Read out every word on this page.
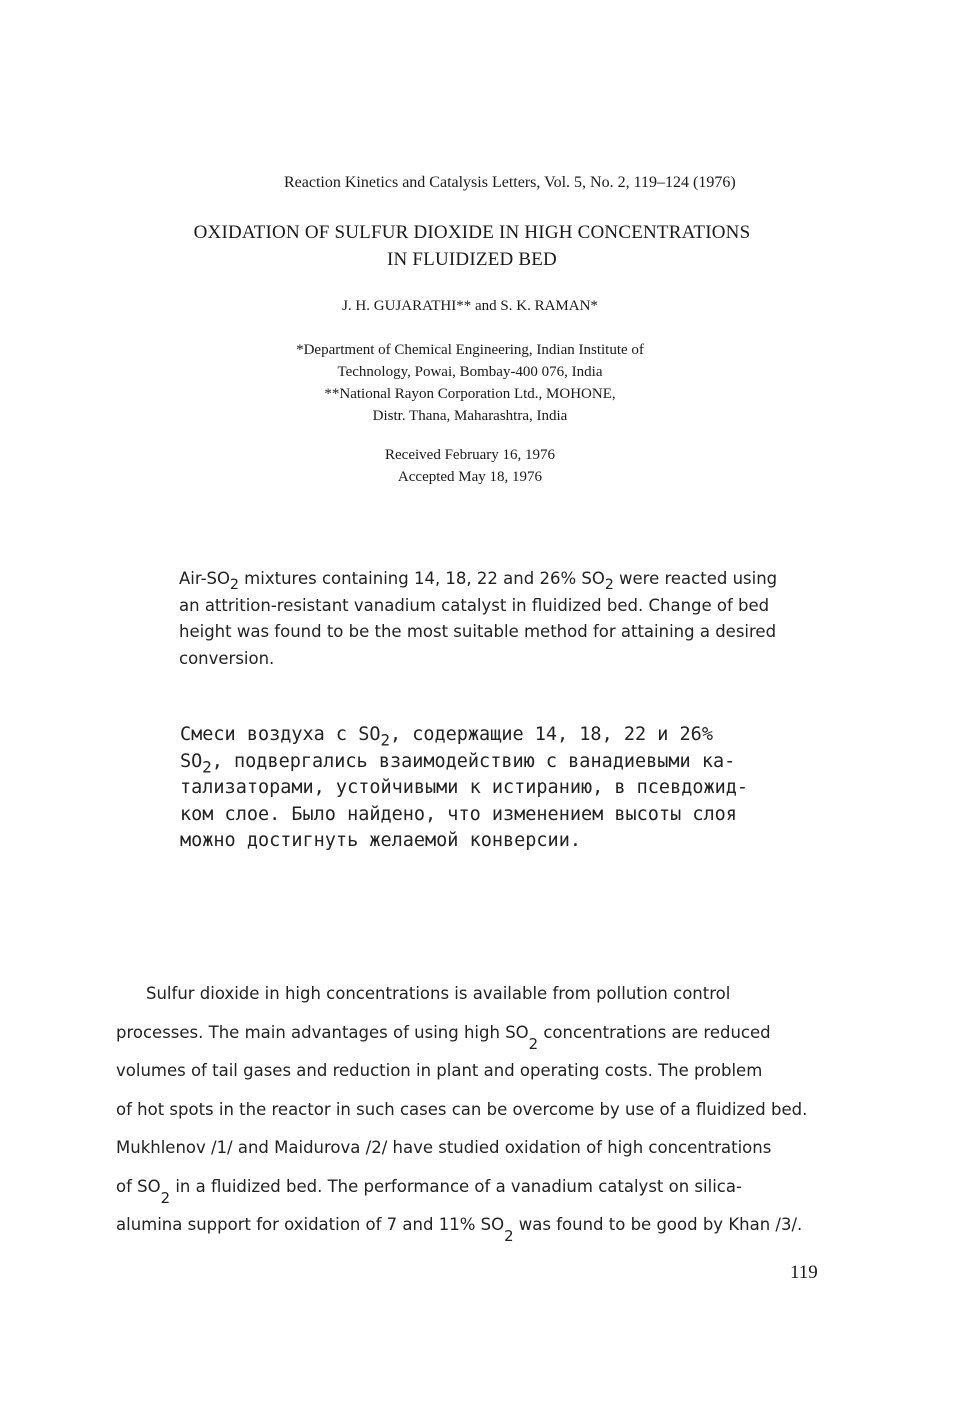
Reaction Kinetics and Catalysis Letters, Vol. 5, No. 2, 119–124 (1976)
OXIDATION OF SULFUR DIOXIDE IN HIGH CONCENTRATIONS
IN FLUIDIZED BED
J. H. GUJARATHI** and S. K. RAMAN*
*Department of Chemical Engineering, Indian Institute of
Technology, Powai, Bombay-400 076, India
**National Rayon Corporation Ltd., MOHONE,
Distr. Thana, Maharashtra, India
Received February 16, 1976
Accepted May 18, 1976
Air-$SO_2$ mixtures containing 14, 18, 22 and 26% $SO_2$ were reacted using
an attrition-resistant vanadium catalyst in fluidized bed. Change of bed
height was found to be the most suitable method for attaining a desired
conversion.
Смеси воздуха с $SO_2$, содержащие 14, 18, 22 и 26%
$SO_2$, подвергались взаимодействию с ванадиевыми ка-
тализаторами, устойчивыми к истиранию, в псевдожид-
ком слое. Было найдено, что изменением высоты слоя
можно достигнуть желаемой конверсии.
Sulfur dioxide in high concentrations is available from pollution control
processes. The main advantages of using high SO2 concentrations are reduced
volumes of tail gases and reduction in plant and operating costs. The problem
of hot spots in the reactor in such cases can be overcome by use of a fluidized bed.
Mukhlenov /1/ and Maidurova /2/ have studied oxidation of high concentrations
of SO2 in a fluidized bed. The performance of a vanadium catalyst on silica-
alumina support for oxidation of 7 and 11% SO2 was found to be good by Khan /3/.
119
